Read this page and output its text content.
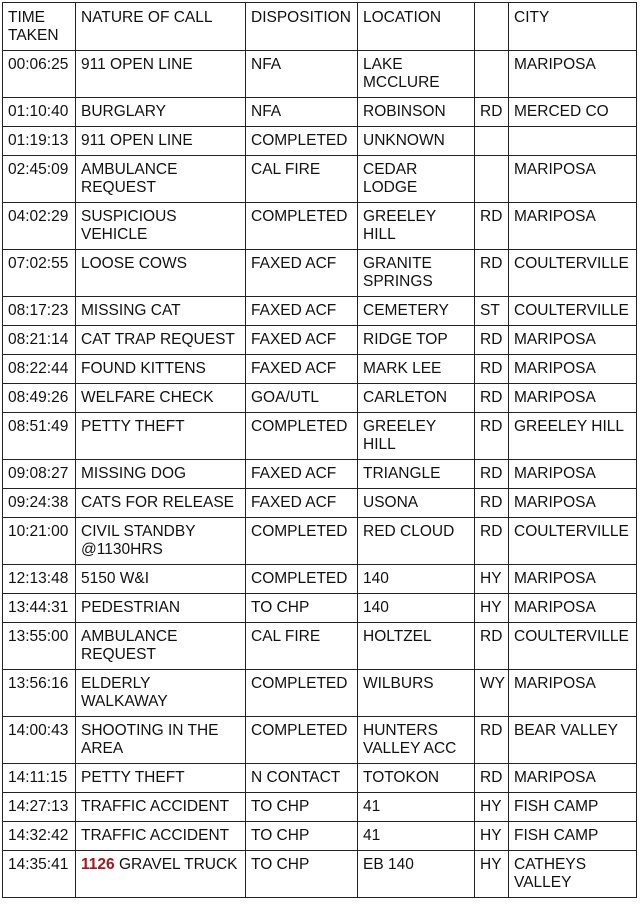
TIME TAKEN	NATURE OF CALL	DISPOSITION	LOCATION		CITY
00:06:25	911 OPEN LINE	NFA	LAKE MCCLURE		MARIPOSA
01:10:40	BURGLARY	NFA	ROBINSON	RD	MERCED CO
01:19:13	911 OPEN LINE	COMPLETED	UNKNOWN		
02:45:09	AMBULANCE REQUEST	CAL FIRE	CEDAR LODGE		MARIPOSA
04:02:29	SUSPICIOUS VEHICLE	COMPLETED	GREELEY HILL	RD	MARIPOSA
07:02:55	LOOSE COWS	FAXED ACF	GRANITE SPRINGS	RD	COULTERVILLE
08:17:23	MISSING CAT	FAXED ACF	CEMETERY	ST	COULTERVILLE
08:21:14	CAT TRAP REQUEST	FAXED ACF	RIDGE TOP	RD	MARIPOSA
08:22:44	FOUND KITTENS	FAXED ACF	MARK LEE	RD	MARIPOSA
08:49:26	WELFARE CHECK	GOA/UTL	CARLETON	RD	MARIPOSA
08:51:49	PETTY THEFT	COMPLETED	GREELEY HILL	RD	GREELEY HILL
09:08:27	MISSING DOG	FAXED ACF	TRIANGLE	RD	MARIPOSA
09:24:38	CATS FOR RELEASE	FAXED ACF	USONA	RD	MARIPOSA
10:21:00	CIVIL STANDBY @1130HRS	COMPLETED	RED CLOUD	RD	COULTERVILLE
12:13:48	5150 W&I	COMPLETED	140	HY	MARIPOSA
13:44:31	PEDESTRIAN	TO CHP	140	HY	MARIPOSA
13:55:00	AMBULANCE REQUEST	CAL FIRE	HOLTZEL	RD	COULTERVILLE
13:56:16	ELDERLY WALKAWAY	COMPLETED	WILBURS	WY	MARIPOSA
14:00:43	SHOOTING IN THE AREA	COMPLETED	HUNTERS VALLEY ACC	RD	BEAR VALLEY
14:11:15	PETTY THEFT	N CONTACT	TOTOKON	RD	MARIPOSA
14:27:13	TRAFFIC ACCIDENT	TO CHP	41	HY	FISH CAMP
14:32:42	TRAFFIC ACCIDENT	TO CHP	41	HY	FISH CAMP
14:35:41	1126 GRAVEL TRUCK	TO CHP	EB 140	HY	CATHEYS VALLEY
